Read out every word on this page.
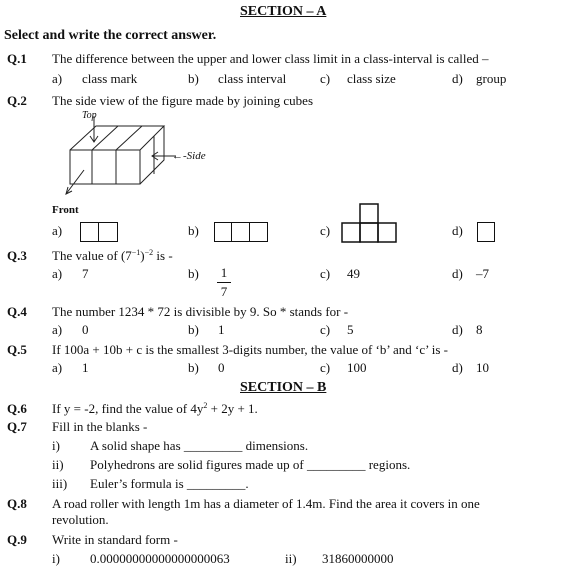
SECTION – A
Select and write the correct answer.
Q.1 The difference between the upper and lower class limit in a class-interval is called –
a) class mark	b) class interval	c) class size	d) group
Q.2 The side view of the figure made by joining cubes
Top
←-Side
Front
a)	b)	c)	d)
Q.3 The value of $(7^{-1})^{-2}$ is -
a) 7	b) 1
7
c) 49	d) –7
Q.4 The number 1234 * 72 is divisible by 9. So * stands for -
a) 0	b) 1	c) 5	d) 8
Q.5 If 100a + 10b + c is the smallest 3-digits number, the value of ‘b’ and ‘c’ is -
a) 1	b) 0	c) 100	d) 10
SECTION – B
Q.6 If y = -2, find the value of $4y^2 + 2y + 1$.
Q.7 Fill in the blanks -
i) A solid shape has _________ dimensions.
ii) Polyhedrons are solid figures made up of _________ regions.
iii) Euler’s formula is _________.
Q.8 A road roller with length 1m has a diameter of 1.4m. Find the area it covers in one
revolution.
Q.9 Write in standard form -
i) 0.00000000000000000063	ii) 31860000000
